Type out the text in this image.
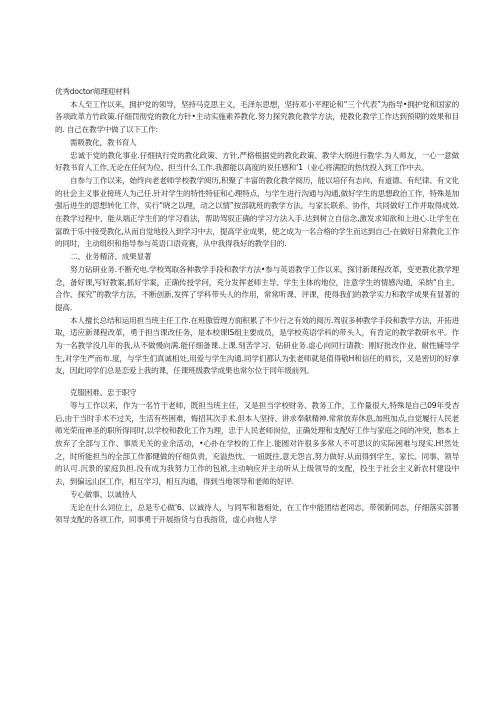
优秀doctor师理迎材料

本人至工作以来，拥护党的领导，坚持马克思主义，毛泽东思想，坚持邓小平理论和“三个代表”为指导•拥护党和国家的各项政革方竹政策.仔细罚彻党的教化方针•主动实施素养教化.努力探究教化教学方法，使教化教学工作达到预期的效果和目的. 自己在教学中做了以下工作:

需吸教化，教书育人

忠诚于党的教化事业.仔细执行党的教化政策、方针,严格根据党的教化政策、教学大纲进行教学.为人师友，一心一意做好教书育人工作,无论在任何为位、担当什么工作.我都能以高度的说任感和‘1（业心将满腔的热忱投入到工作中去。

自参与工作以来，始终向老老师学校教学阅历,积聚了丰富的教化教学阅历，能以培仔有志向、有道德、有纪律、有文化的社会主义事业接班人为己任.针对学生的特性特征和心理特点，与学生进行沟通与沟通,做好学生的思想政治工作，特殊是加强后进生的思想转化工作，实行“晓之以理，动之以情”按部就班的教学方法，与家长联系、协作，共同做好工作并取得成效.在教学过程中，能从端正学生们的学习看法，帮助驾驭正确的学习方法入手.达到树立自信念,激发求知欲和上进心.让学生在富敢于乐中接受教化,从而自觉地投入到学习中去，提高学业成果，使之成为一名合格的学生而达到自己-在做好日常教化工作的同时，主动组织和指导参与英语口语竞赛，从中我得我好的教学目的.

二、业务精济、成果显著

努力钻研业务.不断充电.学校驾取各种教学手段和教学方法•参与英语教学工作以来，探讨新课程改革，变更教化教学理念，备好课,写好教案,抓好学案，正确传授学问，充分发挥老师主导、学生主体的地位，注意学生的情感沟通，采纳“自主、合作、探究”的教学方法，不断创新,发挥了学科带头人的作用，常常听课、评课，使得我们的教学实力和教学成果有显著的提高.

本人擅长总结和运用担当班主任工作.在班傲管理方面积累了不少行之有效的阅历.驾驭多种教学手段和教学方法，开拓进取，适应新课程改革，勇于担当课改任务，是本校课IS组主要成员，是学校英语学科的带头人，有肯定的教学教研水平。作为一名教学没几年的我,从不做慢向满.能仔细备课.上课.刻苦学习、钻研业务.虚心向同行请教：刚好批改作业、耐性辅导学生,对学生严而布.度，与学生们真诚相处,用爱与学生沟通.同学们都认为张老师就是值得敬H和信任的师长，又是密切的好拿友，因此同学们总是恋爱上我的课，任课班级教学成果也常尔位于同年级前列。

克服困难、忠于职守

等与工作以来，作为一名竹干老师，既担当班主任，又是担当学校财务、教务工作，工作量很大,特殊是自己09年受杏后,由于当时手术不过关，生活有些困难，悔招其次手术.但本人坚持、讲求奉献精神.常常放弃休息,加班加点,自觉履行人民老师光荣而神圣的职所得同时,以学校和教化工作为理，忠于人民老师岗位，正确处理和支配好工作与家庭之间的冲突，愁本上放弃了全部与工作、事质无关的业余活动，•心扑在学校的工作上.能圆对许很多多常人不可思议的实际困难与现实.H!然处之，时所能担当的全部工作都健做的仔细负责，充溢热忱、一妞既往,意无怨言,努力做好.从而得到学生、家长、同事、领导的认可.沉景的家庭负担.没有成为我努力工作的包袱,主动响应并主动听从上级领导的支配，投生于社会主义新农村建设中去，到偏远山区工作，相互学习，相互沟通，得到当地领导和老师的好评.

专心做事、以诚待人

无论在什么词位上，总是专心做'6、以诚待人，与同军和谐相处，在工作中能团结老同志，带领新同志，仔细落实部署领导支配的各项工作，同事勇于开展指货与自我指货，虚心向他人学
